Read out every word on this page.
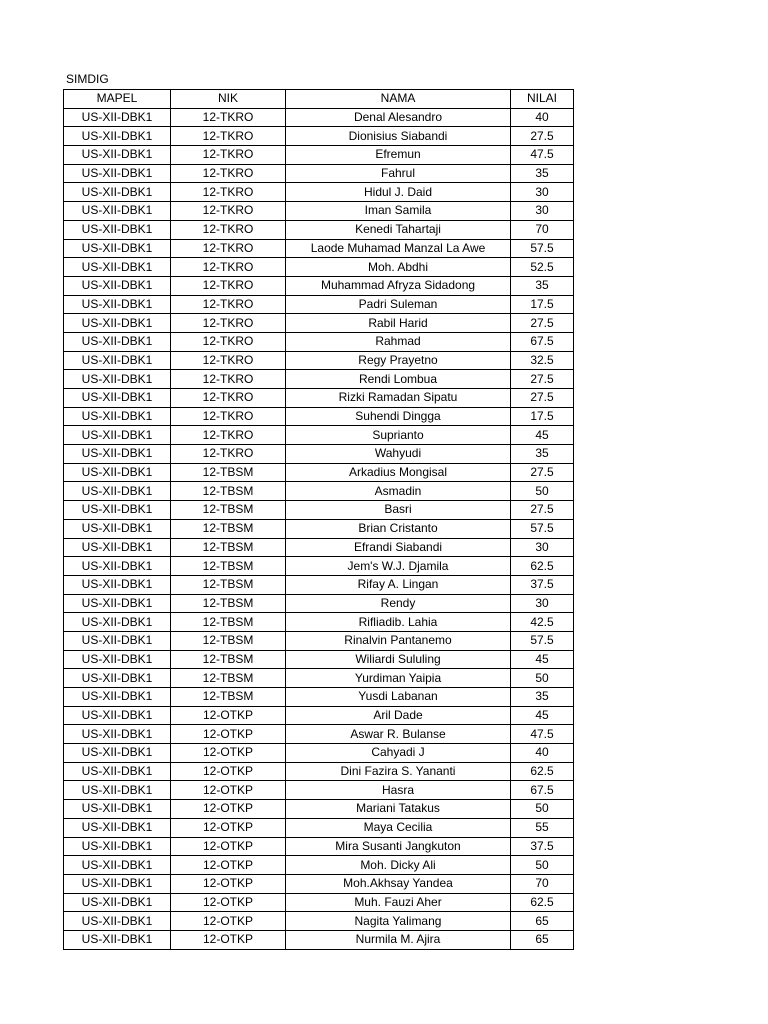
SIMDIG
MAPEL	NIK	NAMA	NILAI
US-XII-DBK1	12-TKRO	Denal Alesandro	40
US-XII-DBK1	12-TKRO	Dionisius Siabandi	27.5
US-XII-DBK1	12-TKRO	Efremun	47.5
US-XII-DBK1	12-TKRO	Fahrul	35
US-XII-DBK1	12-TKRO	Hidul J. Daid	30
US-XII-DBK1	12-TKRO	Iman Samila	30
US-XII-DBK1	12-TKRO	Kenedi Tahartaji	70
US-XII-DBK1	12-TKRO	Laode Muhamad Manzal La Awe	57.5
US-XII-DBK1	12-TKRO	Moh. Abdhi	52.5
US-XII-DBK1	12-TKRO	Muhammad Afryza Sidadong	35
US-XII-DBK1	12-TKRO	Padri Suleman	17.5
US-XII-DBK1	12-TKRO	Rabil Harid	27.5
US-XII-DBK1	12-TKRO	Rahmad	67.5
US-XII-DBK1	12-TKRO	Regy Prayetno	32.5
US-XII-DBK1	12-TKRO	Rendi Lombua	27.5
US-XII-DBK1	12-TKRO	Rizki Ramadan Sipatu	27.5
US-XII-DBK1	12-TKRO	Suhendi Dingga	17.5
US-XII-DBK1	12-TKRO	Suprianto	45
US-XII-DBK1	12-TKRO	Wahyudi	35
US-XII-DBK1	12-TBSM	Arkadius Mongisal	27.5
US-XII-DBK1	12-TBSM	Asmadin	50
US-XII-DBK1	12-TBSM	Basri	27.5
US-XII-DBK1	12-TBSM	Brian Cristanto	57.5
US-XII-DBK1	12-TBSM	Efrandi Siabandi	30
US-XII-DBK1	12-TBSM	Jem's W.J. Djamila	62.5
US-XII-DBK1	12-TBSM	Rifay A. Lingan	37.5
US-XII-DBK1	12-TBSM	Rendy	30
US-XII-DBK1	12-TBSM	Rifliadib. Lahia	42.5
US-XII-DBK1	12-TBSM	Rinalvin Pantanemo	57.5
US-XII-DBK1	12-TBSM	Wiliardi Sululing	45
US-XII-DBK1	12-TBSM	Yurdiman Yaipia	50
US-XII-DBK1	12-TBSM	Yusdi Labanan	35
US-XII-DBK1	12-OTKP	Aril Dade	45
US-XII-DBK1	12-OTKP	Aswar R. Bulanse	47.5
US-XII-DBK1	12-OTKP	Cahyadi J	40
US-XII-DBK1	12-OTKP	Dini Fazira S. Yananti	62.5
US-XII-DBK1	12-OTKP	Hasra	67.5
US-XII-DBK1	12-OTKP	Mariani Tatakus	50
US-XII-DBK1	12-OTKP	Maya Cecilia	55
US-XII-DBK1	12-OTKP	Mira Susanti Jangkuton	37.5
US-XII-DBK1	12-OTKP	Moh. Dicky Ali	50
US-XII-DBK1	12-OTKP	Moh.Akhsay Yandea	70
US-XII-DBK1	12-OTKP	Muh. Fauzi Aher	62.5
US-XII-DBK1	12-OTKP	Nagita Yalimang	65
US-XII-DBK1	12-OTKP	Nurmila M. Ajira	65
